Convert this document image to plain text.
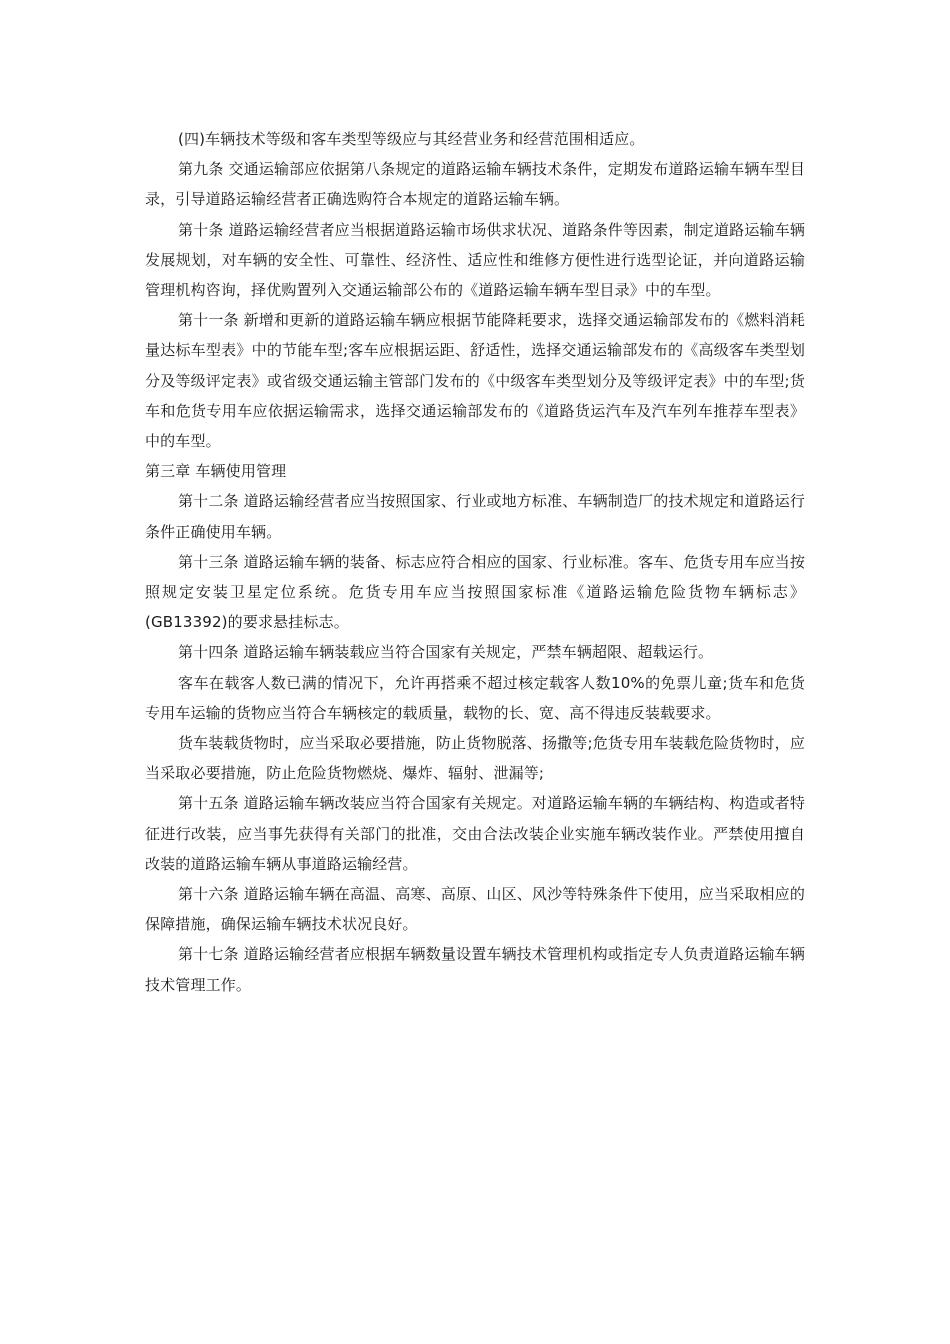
(四)车辆技术等级和客车类型等级应与其经营业务和经营范围相适应。

第九条 交通运输部应依据第八条规定的道路运输车辆技术条件，定期发布道路运输车辆车型目录，引导道路运输经营者正确选购符合本规定的道路运输车辆。

第十条 道路运输经营者应当根据道路运输市场供求状况、道路条件等因素，制定道路运输车辆发展规划，对车辆的安全性、可靠性、经济性、适应性和维修方便性进行选型论证，并向道路运输管理机构咨询，择优购置列入交通运输部公布的《道路运输车辆车型目录》中的车型。

第十一条 新增和更新的道路运输车辆应根据节能降耗要求，选择交通运输部发布的《燃料消耗量达标车型表》中的节能车型;客车应根据运距、舒适性，选择交通运输部发布的《高级客车类型划分及等级评定表》或省级交通运输主管部门发布的《中级客车类型划分及等级评定表》中的车型;货车和危货专用车应依据运输需求，选择交通运输部发布的《道路货运汽车及汽车列车推荐车型表》中的车型。

第三章 车辆使用管理

第十二条 道路运输经营者应当按照国家、行业或地方标准、车辆制造厂的技术规定和道路运行条件正确使用车辆。

第十三条 道路运输车辆的装备、标志应符合相应的国家、行业标准。客车、危货专用车应当按照规定安装卫星定位系统。危货专用车应当按照国家标准《道路运输危险货物车辆标志》(GB13392)的要求悬挂标志。

第十四条 道路运输车辆装载应当符合国家有关规定，严禁车辆超限、超载运行。

客车在载客人数已满的情况下，允许再搭乘不超过核定载客人数10%的免票儿童;货车和危货专用车运输的货物应当符合车辆核定的载质量，载物的长、宽、高不得违反装载要求。

货车装载货物时，应当采取必要措施，防止货物脱落、扬撒等;危货专用车装载危险货物时，应当采取必要措施，防止危险货物燃烧、爆炸、辐射、泄漏等;

第十五条 道路运输车辆改装应当符合国家有关规定。对道路运输车辆的车辆结构、构造或者特征进行改装，应当事先获得有关部门的批准，交由合法改装企业实施车辆改装作业。严禁使用擅自改装的道路运输车辆从事道路运输经营。

第十六条 道路运输车辆在高温、高寒、高原、山区、风沙等特殊条件下使用，应当采取相应的保障措施，确保运输车辆技术状况良好。

第十七条 道路运输经营者应根据车辆数量设置车辆技术管理机构或指定专人负责道路运输车辆技术管理工作。
